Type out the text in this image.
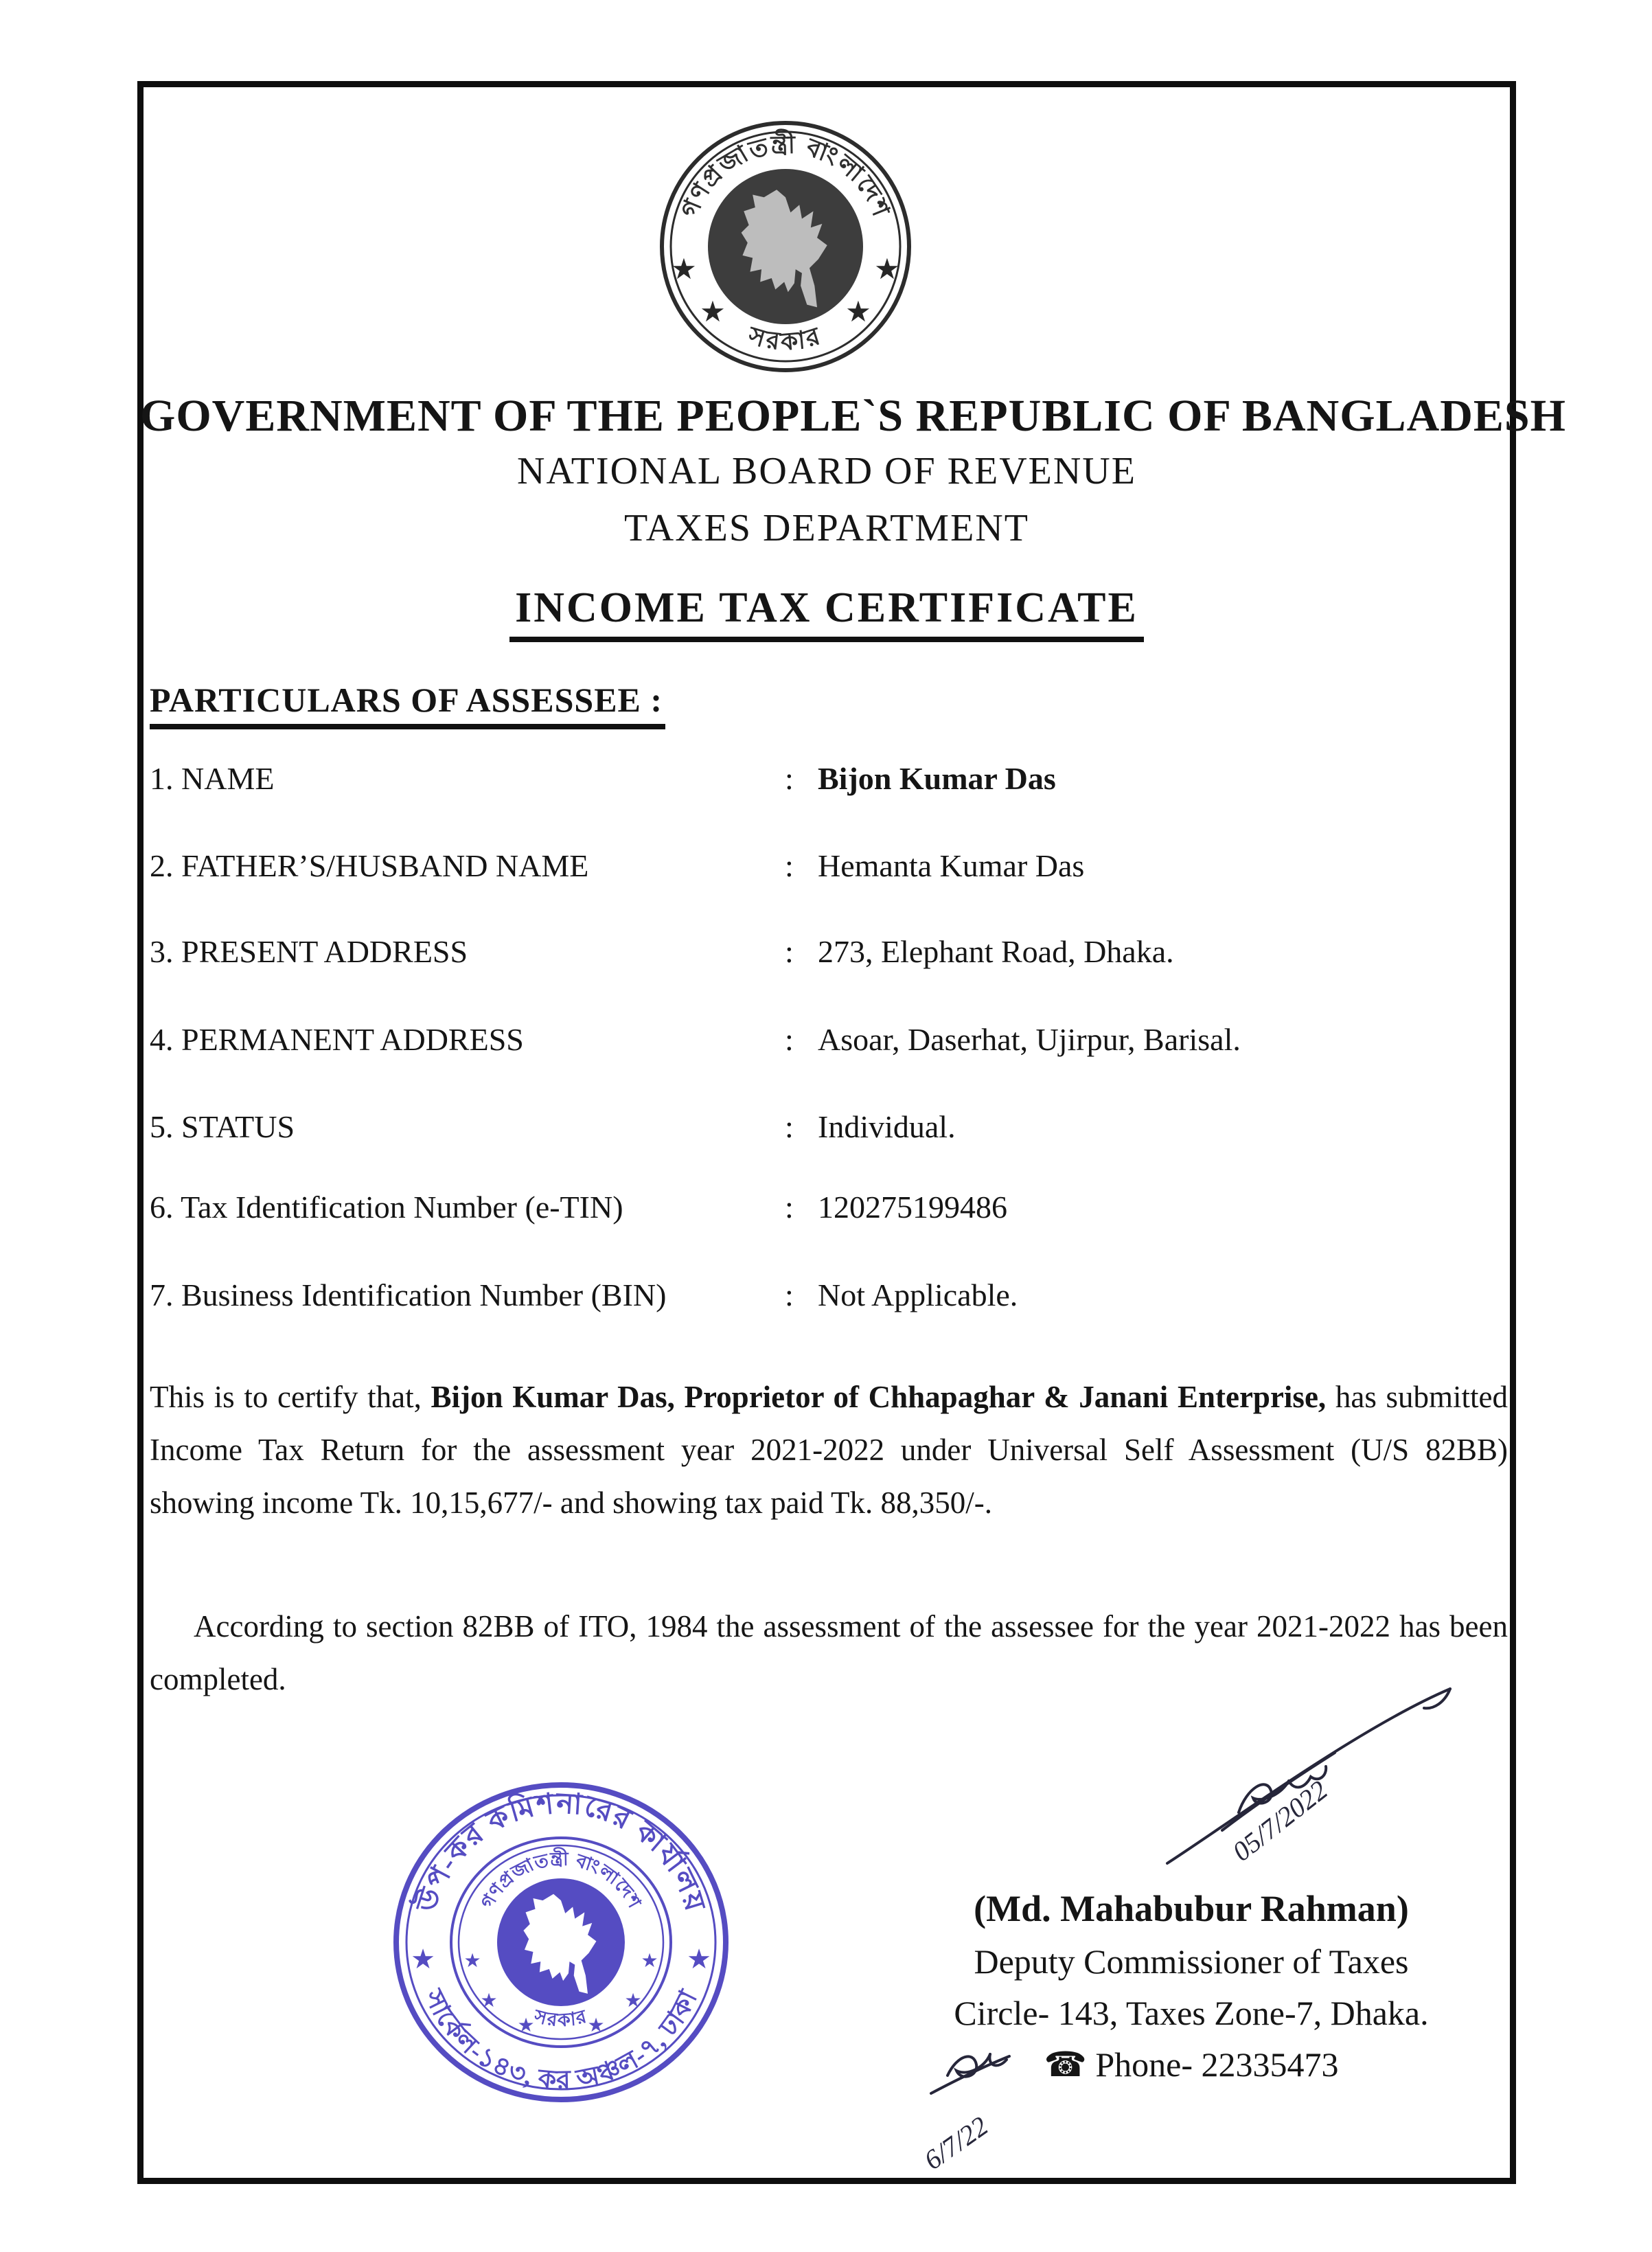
গণপ্রজাতন্ত্রী বাংলাদেশ
সরকার
★
★
★
★
GOVERNMENT OF THE PEOPLE`S REPUBLIC OF BANGLADESH
NATIONAL BOARD OF REVENUE
TAXES DEPARTMENT
INCOME TAX CERTIFICATE
PARTICULARS OF ASSESSEE :
1. NAME	: Bijon Kumar Das
2. FATHER’S/HUSBAND NAME	: Hemanta Kumar Das
3. PRESENT ADDRESS	: 273, Elephant Road, Dhaka.
4. PERMANENT ADDRESS	: Asoar, Daserhat, Ujirpur, Barisal.
5. STATUS	: Individual.
6. Tax Identification Number (e-TIN)	: 120275199486
7. Business Identification Number (BIN)	: Not Applicable.
This is to certify that, Bijon Kumar Das, Proprietor of Chhapaghar & Janani Enterprise, has submitted Income Tax Return for the assessment year 2021-2022 under Universal Self Assessment (U/S 82BB) showing income Tk. 10,15,677/- and showing tax paid Tk. 88,350/-.
According to section 82BB of ITO, 1984 the assessment of the assessee for the year 2021-2022 has been completed.
উপ-কর কমিশনারের কার্যালয়
সার্কেল-১৪৩, কর অঞ্চল-৭, ঢাকা
★	★
★
★
★	★
★
★
গণপ্রজাতন্ত্রী বাংলাদেশ
সরকার
05/7/2022
(Md. Mahabubur Rahman)
Deputy Commissioner of Taxes
Circle- 143, Taxes Zone-7, Dhaka.
☎ Phone- 22335473
6/7/22
